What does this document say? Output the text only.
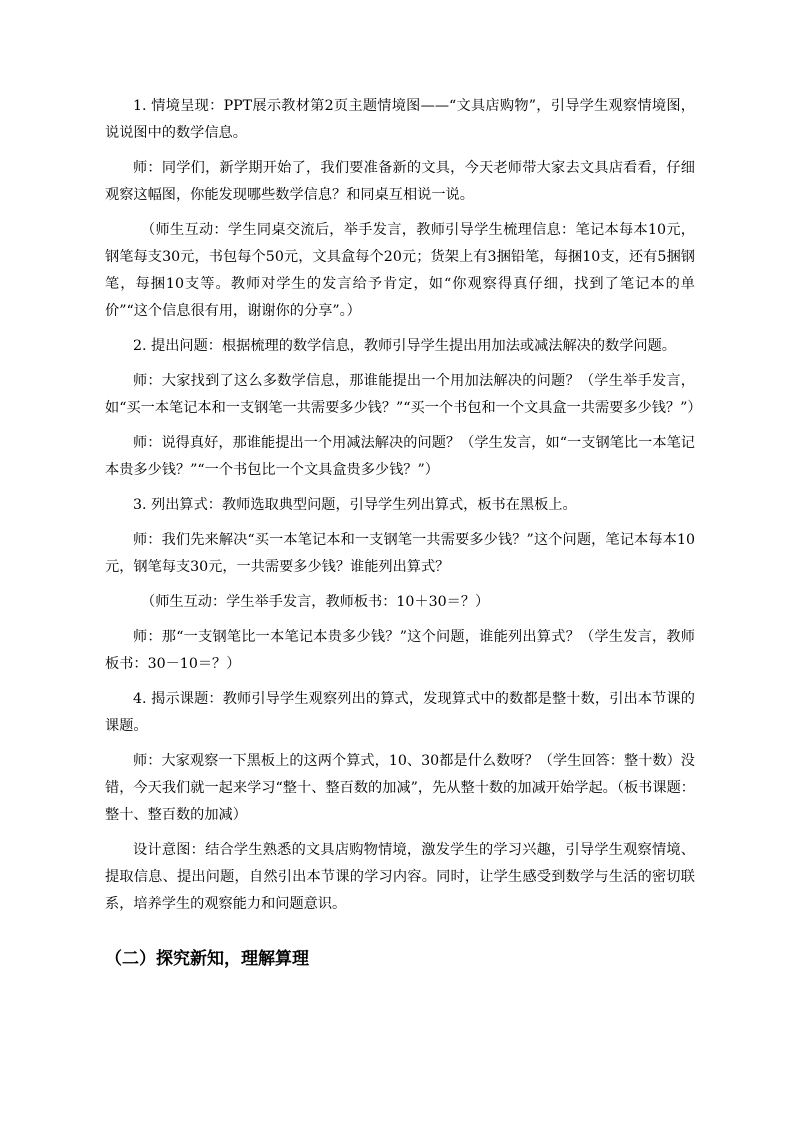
1. 情境呈现：PPT展示教材第2页主题情境图——“文具店购物”，引导学生观察情境图，说说图中的数学信息。

师：同学们，新学期开始了，我们要准备新的文具，今天老师带大家去文具店看看，仔细观察这幅图，你能发现哪些数学信息？和同桌互相说一说。

（师生互动：学生同桌交流后，举手发言，教师引导学生梳理信息：笔记本每本10元，钢笔每支30元，书包每个50元，文具盒每个20元；货架上有3捆铅笔，每捆10支，还有5捆钢笔，每捆10支等。教师对学生的发言给予肯定，如“你观察得真仔细，找到了笔记本的单价”“这个信息很有用，谢谢你的分享”。）

2. 提出问题：根据梳理的数学信息，教师引导学生提出用加法或减法解决的数学问题。

师：大家找到了这么多数学信息，那谁能提出一个用加法解决的问题？（学生举手发言，如“买一本笔记本和一支钢笔一共需要多少钱？”“买一个书包和一个文具盒一共需要多少钱？”）

师：说得真好，那谁能提出一个用减法解决的问题？（学生发言，如“一支钢笔比一本笔记本贵多少钱？”“一个书包比一个文具盒贵多少钱？”）

3. 列出算式：教师选取典型问题，引导学生列出算式，板书在黑板上。

师：我们先来解决“买一本笔记本和一支钢笔一共需要多少钱？”这个问题，笔记本每本10元，钢笔每支30元，一共需要多少钱？谁能列出算式？

（师生互动：学生举手发言，教师板书：10＋30＝？）

师：那“一支钢笔比一本笔记本贵多少钱？”这个问题，谁能列出算式？（学生发言，教师板书：30－10＝？）

4. 揭示课题：教师引导学生观察列出的算式，发现算式中的数都是整十数，引出本节课的课题。

师：大家观察一下黑板上的这两个算式，10、30都是什么数呀？（学生回答：整十数）没错，今天我们就一起来学习“整十、整百数的加减”，先从整十数的加减开始学起。（板书课题：整十、整百数的加减）

设计意图：结合学生熟悉的文具店购物情境，激发学生的学习兴趣，引导学生观察情境、提取信息、提出问题，自然引出本节课的学习内容。同时，让学生感受到数学与生活的密切联系，培养学生的观察能力和问题意识。

（二）探究新知，理解算理
